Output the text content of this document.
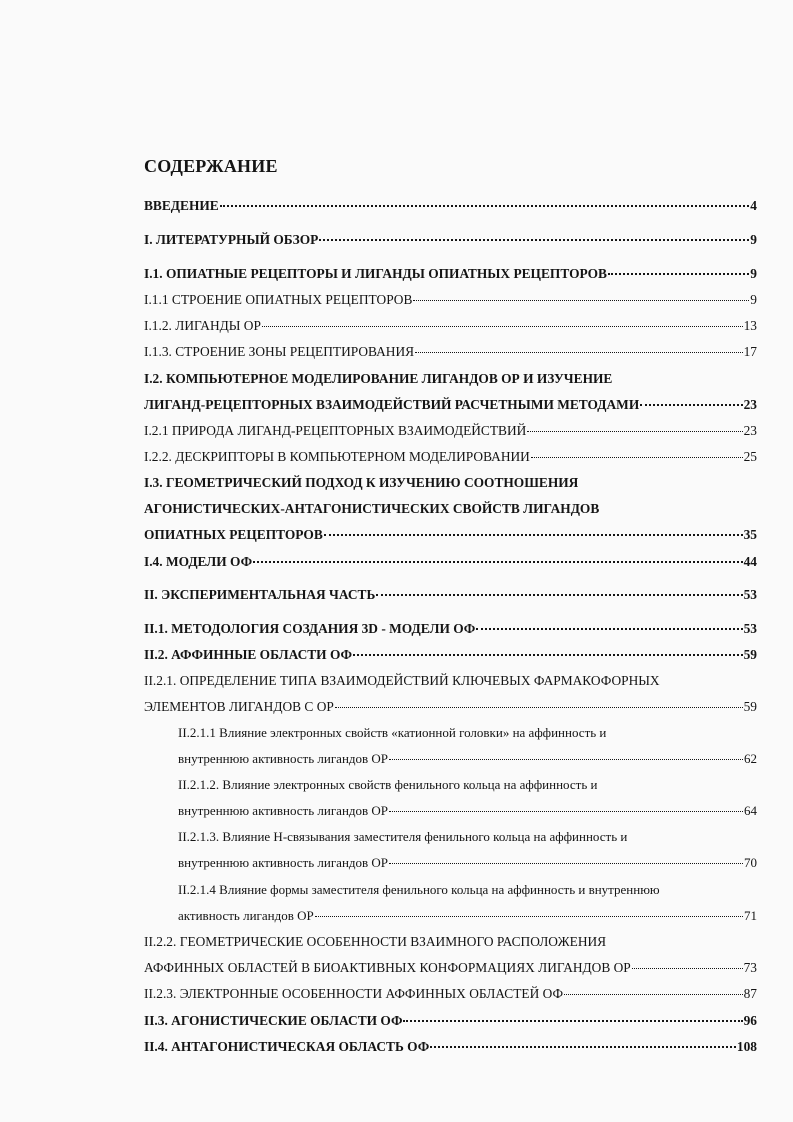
СОДЕРЖАНИЕ
ВВЕДЕНИЕ	4
I. ЛИТЕРАТУРНЫЙ ОБЗОР	9
I.1. ОПИАТНЫЕ РЕЦЕПТОРЫ И ЛИГАНДЫ ОПИАТНЫХ РЕЦЕПТОРОВ	9
I.1.1 СТРОЕНИЕ ОПИАТНЫХ РЕЦЕПТОРОВ	9
I.1.2. ЛИГАНДЫ ОР	13
I.1.3. СТРОЕНИЕ ЗОНЫ РЕЦЕПТИРОВАНИЯ	17
I.2. КОМПЬЮТЕРНОЕ МОДЕЛИРОВАНИЕ ЛИГАНДОВ ОР И ИЗУЧЕНИЕ
ЛИГАНД-РЕЦЕПТОРНЫХ ВЗАИМОДЕЙСТВИЙ РАСЧЕТНЫМИ МЕТОДАМИ	23
I.2.1 ПРИРОДА ЛИГАНД-РЕЦЕПТОРНЫХ ВЗАИМОДЕЙСТВИЙ	23
I.2.2. ДЕСКРИПТОРЫ В КОМПЬЮТЕРНОМ МОДЕЛИРОВАНИИ	25
I.3. ГЕОМЕТРИЧЕСКИЙ ПОДХОД К ИЗУЧЕНИЮ СООТНОШЕНИЯ
АГОНИСТИЧЕСКИХ-АНТАГОНИСТИЧЕСКИХ СВОЙСТВ ЛИГАНДОВ
ОПИАТНЫХ РЕЦЕПТОРОВ	35
I.4. МОДЕЛИ ОФ	44
II. ЭКСПЕРИМЕНТАЛЬНАЯ ЧАСТЬ	53
II.1. МЕТОДОЛОГИЯ СОЗДАНИЯ 3D - МОДЕЛИ ОФ	53
II.2. АФФИННЫЕ ОБЛАСТИ ОФ	59
II.2.1. ОПРЕДЕЛЕНИЕ ТИПА ВЗАИМОДЕЙСТВИЙ КЛЮЧЕВЫХ ФАРМАКОФОРНЫХ
ЭЛЕМЕНТОВ ЛИГАНДОВ С ОР	59
II.2.1.1 Влияние электронных свойств «катионной головки» на аффинность и
внутреннюю активность лигандов ОР	62
II.2.1.2. Влияние электронных свойств фенильного кольца на аффинность и
внутреннюю активность лигандов ОР	64
II.2.1.3. Влияние Н-связывания заместителя фенильного кольца на аффинность и
внутреннюю активность лигандов ОР	70
II.2.1.4 Влияние формы заместителя фенильного кольца на аффинность и внутреннюю
активность лигандов ОР	71
II.2.2. ГЕОМЕТРИЧЕСКИЕ ОСОБЕННОСТИ ВЗАИМНОГО РАСПОЛОЖЕНИЯ
АФФИННЫХ ОБЛАСТЕЙ В БИОАКТИВНЫХ КОНФОРМАЦИЯХ ЛИГАНДОВ ОР	73
II.2.3. ЭЛЕКТРОННЫЕ ОСОБЕННОСТИ АФФИННЫХ ОБЛАСТЕЙ ОФ	87
II.3. АГОНИСТИЧЕСКИЕ ОБЛАСТИ ОФ	96
II.4. АНТАГОНИСТИЧЕСКАЯ ОБЛАСТЬ ОФ	108
